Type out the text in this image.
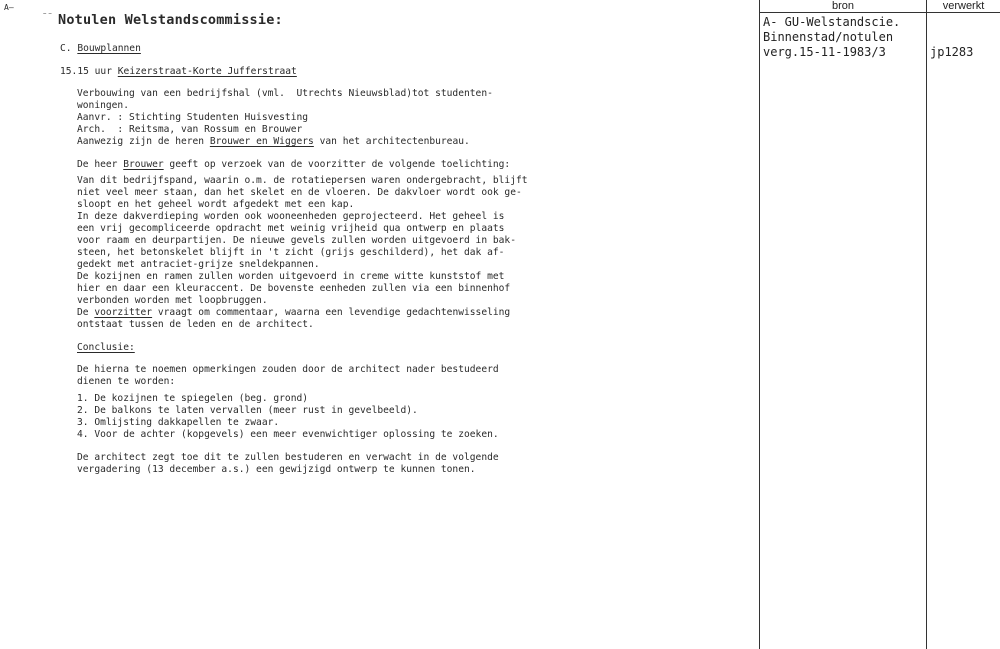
A—
⁻⁻ Notulen Welstandscommissie:
C. Bouwplannen
15.15 uur Keizerstraat-Korte Jufferstraat
Verbouwing van een bedrijfshal (vml.  Utrechts Nieuwsblad)tot studenten-
woningen.
Aanvr. : Stichting Studenten Huisvesting
Arch.  : Reitsma, van Rossum en Brouwer
Aanwezig zijn de heren Brouwer en Wiggers van het architectenbureau.
De heer Brouwer geeft op verzoek van de voorzitter de volgende toelichting:
Van dit bedrijfspand, waarin o.m. de rotatiepersen waren ondergebracht, blijft
niet veel meer staan, dan het skelet en de vloeren. De dakvloer wordt ook ge-
sloopt en het geheel wordt afgedekt met een kap.
In deze dakverdieping worden ook wooneenheden geprojecteerd. Het geheel is
een vrij gecompliceerde opdracht met weinig vrijheid qua ontwerp en plaats
voor raam en deurpartijen. De nieuwe gevels zullen worden uitgevoerd in bak-
steen, het betonskelet blijft in 't zicht (grijs geschilderd), het dak af-
gedekt met antraciet-grijze sneldekpannen.
De kozijnen en ramen zullen worden uitgevoerd in creme witte kunststof met
hier en daar een kleuraccent. De bovenste eenheden zullen via een binnenhof
verbonden worden met loopbruggen.
De voorzitter vraagt om commentaar, waarna een levendige gedachtenwisseling
ontstaat tussen de leden en de architect.
Conclusie:
De hierna te noemen opmerkingen zouden door de architect nader bestudeerd
dienen te worden:
1. De kozijnen te spiegelen (beg. grond)
2. De balkons te laten vervallen (meer rust in gevelbeeld).
3. Omlijsting dakkapellen te zwaar.
4. Voor de achter (kopgevels) een meer evenwichtiger oplossing te zoeken.
De architect zegt toe dit te zullen bestuderen en verwacht in de volgende
vergadering (13 december a.s.) een gewijzigd ontwerp te kunnen tonen.
bron	verwerkt
A- GU-Welstandscie.
Binnenstad/notulen
verg.15-11-1983/3	jp1283
